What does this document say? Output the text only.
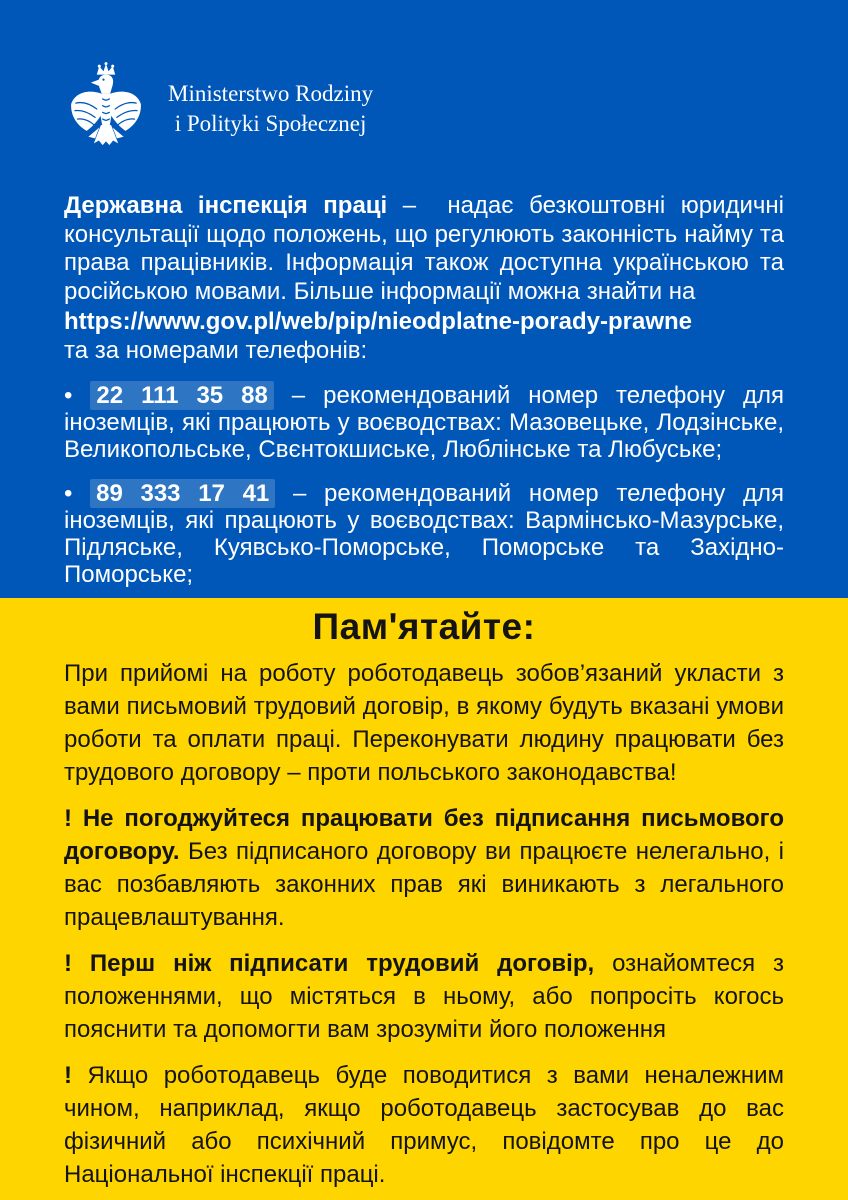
Ministerstwo Rodziny
i Polityki Społecznej

Державна інспекція праці – надає безкоштовні юридичні консультації щодо положень, що регулюють законність найму та права працівників. Інформація також доступна українською та російською мовами. Більше інформації можна знайти на

https://www.gov.pl/web/pip/nieodplatne-porady-prawne
та за номерами телефонів:

• 22 111 35 88 – рекомендований номер телефону для іноземців, які працюють у воєводствах: Мазовецьке, Лодзінське, Великопольське, Свєнтокшиське, Люблінське та Любуське;

• 89 333 17 41 – рекомендований номер телефону для іноземців, які працюють у воєводствах: Вармінсько-Мазурське, Підляське, Куявсько-Поморське, Поморське та Західно-Поморське;

Пам'ятайте:

При прийомі на роботу роботодавець зобов’язаний укласти з вами письмовий трудовий договір, в якому будуть вказані умови роботи та оплати праці. Переконувати людину працювати без трудового договору – проти польського законодавства!

! Не погоджуйтеся працювати без підписання письмового договору. Без підписаного договору ви працюєте нелегально, і вас позбавляють законних прав які виникають з легального працевлаштування.

! Перш ніж підписати трудовий договір, ознайомтеся з положеннями, що містяться в ньому, або попросіть когось пояснити та допомогти вам зрозуміти його положення

! Якщо роботодавець буде поводитися з вами неналежним чином, наприклад, якщо роботодавець застосував до вас фізичний або психічний примус, повідомте про це до Національної інспекції праці.
